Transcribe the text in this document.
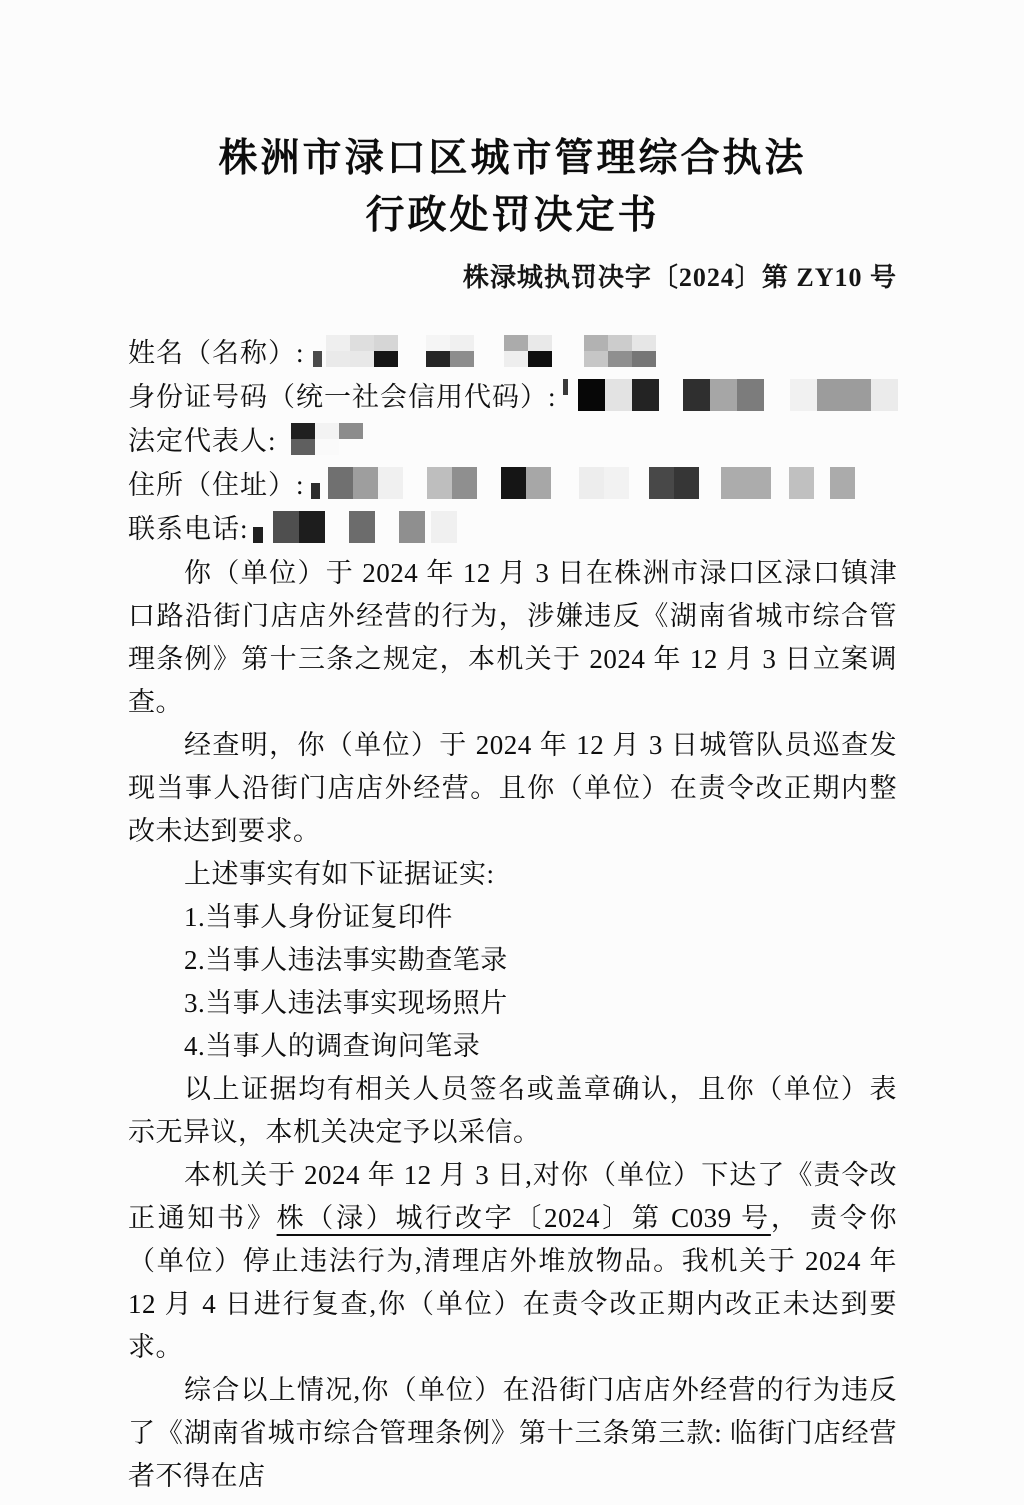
株洲市渌口区城市管理综合执法
行政处罚决定书
株渌城执罚决字〔2024〕第 ZY10 号
姓名（名称）:
身份证号码（统一社会信用代码）:
法定代表人:
住所（住址）:
联系电话:

你（单位）于 2024 年 12 月 3 日在株洲市渌口区渌口镇津口路沿街门店店外经营的行为，涉嫌违反《湖南省城市综合管理条例》第十三条之规定，本机关于 2024 年 12 月 3 日立案调查。

经查明，你（单位）于 2024 年 12 月 3 日城管队员巡查发现当事人沿街门店店外经营。且你（单位）在责令改正期内整改未达到要求。

上述事实有如下证据证实:

1.当事人身份证复印件

2.当事人违法事实勘查笔录

3.当事人违法事实现场照片

4.当事人的调查询问笔录

以上证据均有相关人员签名或盖章确认，且你（单位）表示无异议，本机关决定予以采信。

本机关于 2024 年 12 月 3 日,对你（单位）下达了《责令改正通知书》株（渌）城行改字〔2024〕第 C039 号， 责令你（单位）停止违法行为,清理店外堆放物品。我机关于 2024 年 12 月 4 日进行复查,你（单位）在责令改正期内改正未达到要求。

综合以上情况,你（单位）在沿街门店店外经营的行为违反了《湖南省城市综合管理条例》第十三条第三款: 临街门店经营者不得在店
